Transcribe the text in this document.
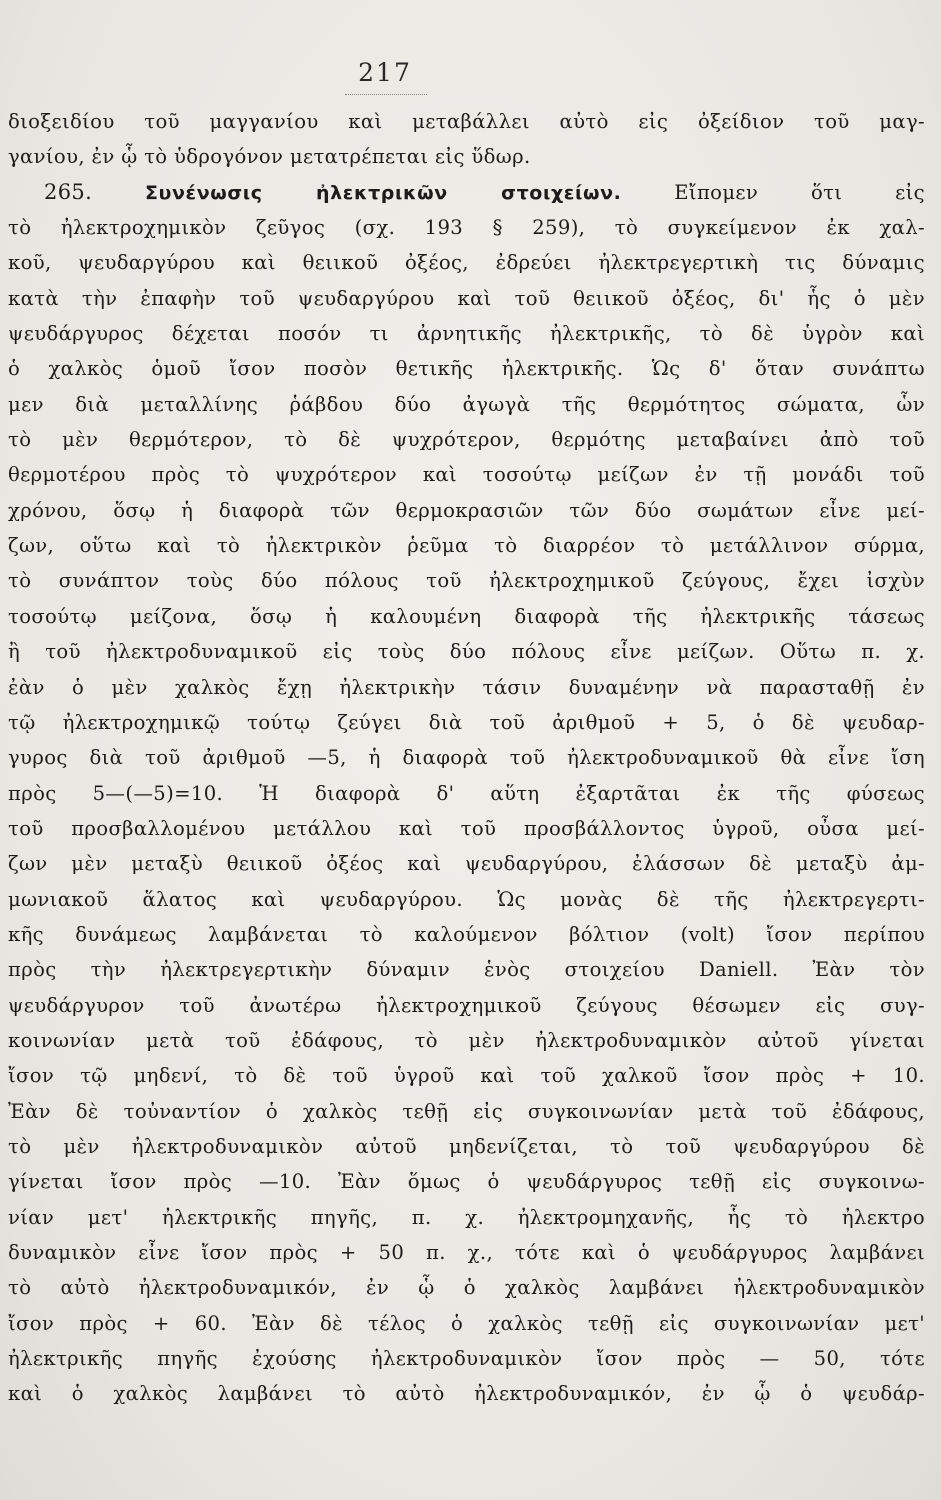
217
διοξειδίου τοῦ μαγγανίου καὶ μεταβάλλει αὐτὸ εἰς ὀξείδιον τοῦ μαγ-
γανίου, ἐν ᾧ τὸ ὑδρογόνον μετατρέπεται εἰς ὕδωρ.
265.	Συνένωσις ἠλεκτρικῶν στοιχείων.	Εἴπομεν ὅτι εἰς
τὸ ἠλεκτροχημικὸν ζεῦγος (σχ. 193 § 259), τὸ συγκείμενον ἐκ χαλ-
κοῦ, ψευδαργύρου καὶ θειικοῦ ὀξέος, ἐδρεύει ἠλεκτρεγερτικὴ τις δύναμις
κατὰ τὴν ἐπαφὴν τοῦ ψευδαργύρου καὶ τοῦ θειικοῦ ὀξέος, δι' ἧς ὁ μὲν
ψευδάργυρος δέχεται ποσόν τι ἀρνητικῆς ἠλεκτρικῆς, τὸ δὲ ὑγρὸν καὶ
ὁ χαλκὸς ὁμοῦ ἴσον ποσὸν θετικῆς ἠλεκτρικῆς. Ὡς δ' ὅταν συνάπτω
μεν διὰ μεταλλίνης ῥάβδου δύο ἀγωγὰ τῆς θερμότητος σώματα, ὧν
τὸ μὲν θερμότερον, τὸ δὲ ψυχρότερον, θερμότης μεταβαίνει ἀπὸ τοῦ
θερμοτέρου πρὸς τὸ ψυχρότερον καὶ τοσούτῳ μείζων ἐν τῇ μονάδι τοῦ
χρόνου, ὅσῳ ἡ διαφορὰ τῶν θερμοκρασιῶν τῶν δύο σωμάτων εἶνε μεί-
ζων, οὕτω καὶ τὸ ἠλεκτρικὸν ῥεῦμα τὸ διαρρέον τὸ μετάλλινον σύρμα,
τὸ συνάπτον τοὺς δύο πόλους τοῦ ἠλεκτροχημικοῦ ζεύγους, ἔχει ἰσχὺν
τοσούτῳ μείζονα, ὅσῳ ἡ καλουμένη διαφορὰ τῆς ἠλεκτρικῆς τάσεως
ἢ τοῦ ἠλεκτροδυναμικοῦ εἰς τοὺς δύο πόλους εἶνε μείζων. Οὕτω π. χ.
ἐὰν ὁ μὲν χαλκὸς ἔχῃ ἠλεκτρικὴν τάσιν δυναμένην νὰ παρασταθῇ ἐν
τῷ ἠλεκτροχημικῷ τούτῳ ζεύγει διὰ τοῦ ἀριθμοῦ + 5, ὁ δὲ ψευδαρ-
γυρος διὰ τοῦ ἀριθμοῦ —5, ἡ διαφορὰ τοῦ ἠλεκτροδυναμικοῦ θὰ εἶνε ἴση
πρὸς 5—(—5)=10. Ἡ διαφορὰ δ' αὕτη ἐξαρτᾶται ἐκ τῆς φύσεως
τοῦ προσβαλλομένου μετάλλου καὶ τοῦ προσβάλλοντος ὑγροῦ, οὖσα μεί-
ζων μὲν μεταξὺ θειικοῦ ὀξέος καὶ ψευδαργύρου, ἐλάσσων δὲ μεταξὺ ἀμ-
μωνιακοῦ ἅλατος καὶ ψευδαργύρου. Ὡς μονὰς δὲ τῆς ἠλεκτρεγερτι-
κῆς δυνάμεως λαμβάνεται τὸ καλούμενον βόλτιον (volt) ἴσον περίπου
πρὸς τὴν ἠλεκτρεγερτικὴν δύναμιν ἑνὸς στοιχείου Daniell. Ἐὰν τὸν
ψευδάργυρον τοῦ ἀνωτέρω ἠλεκτροχημικοῦ ζεύγους θέσωμεν εἰς συγ-
κοινωνίαν μετὰ τοῦ ἐδάφους, τὸ μὲν ἠλεκτροδυναμικὸν αὐτοῦ γίνεται
ἴσον τῷ μηδενί, τὸ δὲ τοῦ ὑγροῦ καὶ τοῦ χαλκοῦ ἴσον πρὸς + 10.
Ἐὰν δὲ τοὐναντίον ὁ χαλκὸς τεθῇ εἰς συγκοινωνίαν μετὰ τοῦ ἐδάφους,
τὸ μὲν ἠλεκτροδυναμικὸν αὐτοῦ μηδενίζεται, τὸ τοῦ ψευδαργύρου δὲ
γίνεται ἴσον πρὸς —10. Ἐὰν ὅμως ὁ ψευδάργυρος τεθῇ εἰς συγκοινω-
νίαν μετ' ἠλεκτρικῆς πηγῆς, π. χ. ἠλεκτρομηχανῆς, ἧς τὸ ἠλεκτρο
δυναμικὸν εἶνε ἴσον πρὸς + 50 π. χ., τότε καὶ ὁ ψευδάργυρος λαμβάνει
τὸ αὐτὸ ἠλεκτροδυναμικόν, ἐν ᾧ ὁ χαλκὸς λαμβάνει ἠλεκτροδυναμικὸν
ἴσον πρὸς + 60. Ἐὰν δὲ τέλος ὁ χαλκὸς τεθῇ εἰς συγκοινωνίαν μετ'
ἠλεκτρικῆς πηγῆς ἐχούσης ἠλεκτροδυναμικὸν ἴσον πρὸς — 50, τότε
καὶ ὁ χαλκὸς λαμβάνει τὸ αὐτὸ ἠλεκτροδυναμικόν, ἐν ᾧ ὁ ψευδάρ-
